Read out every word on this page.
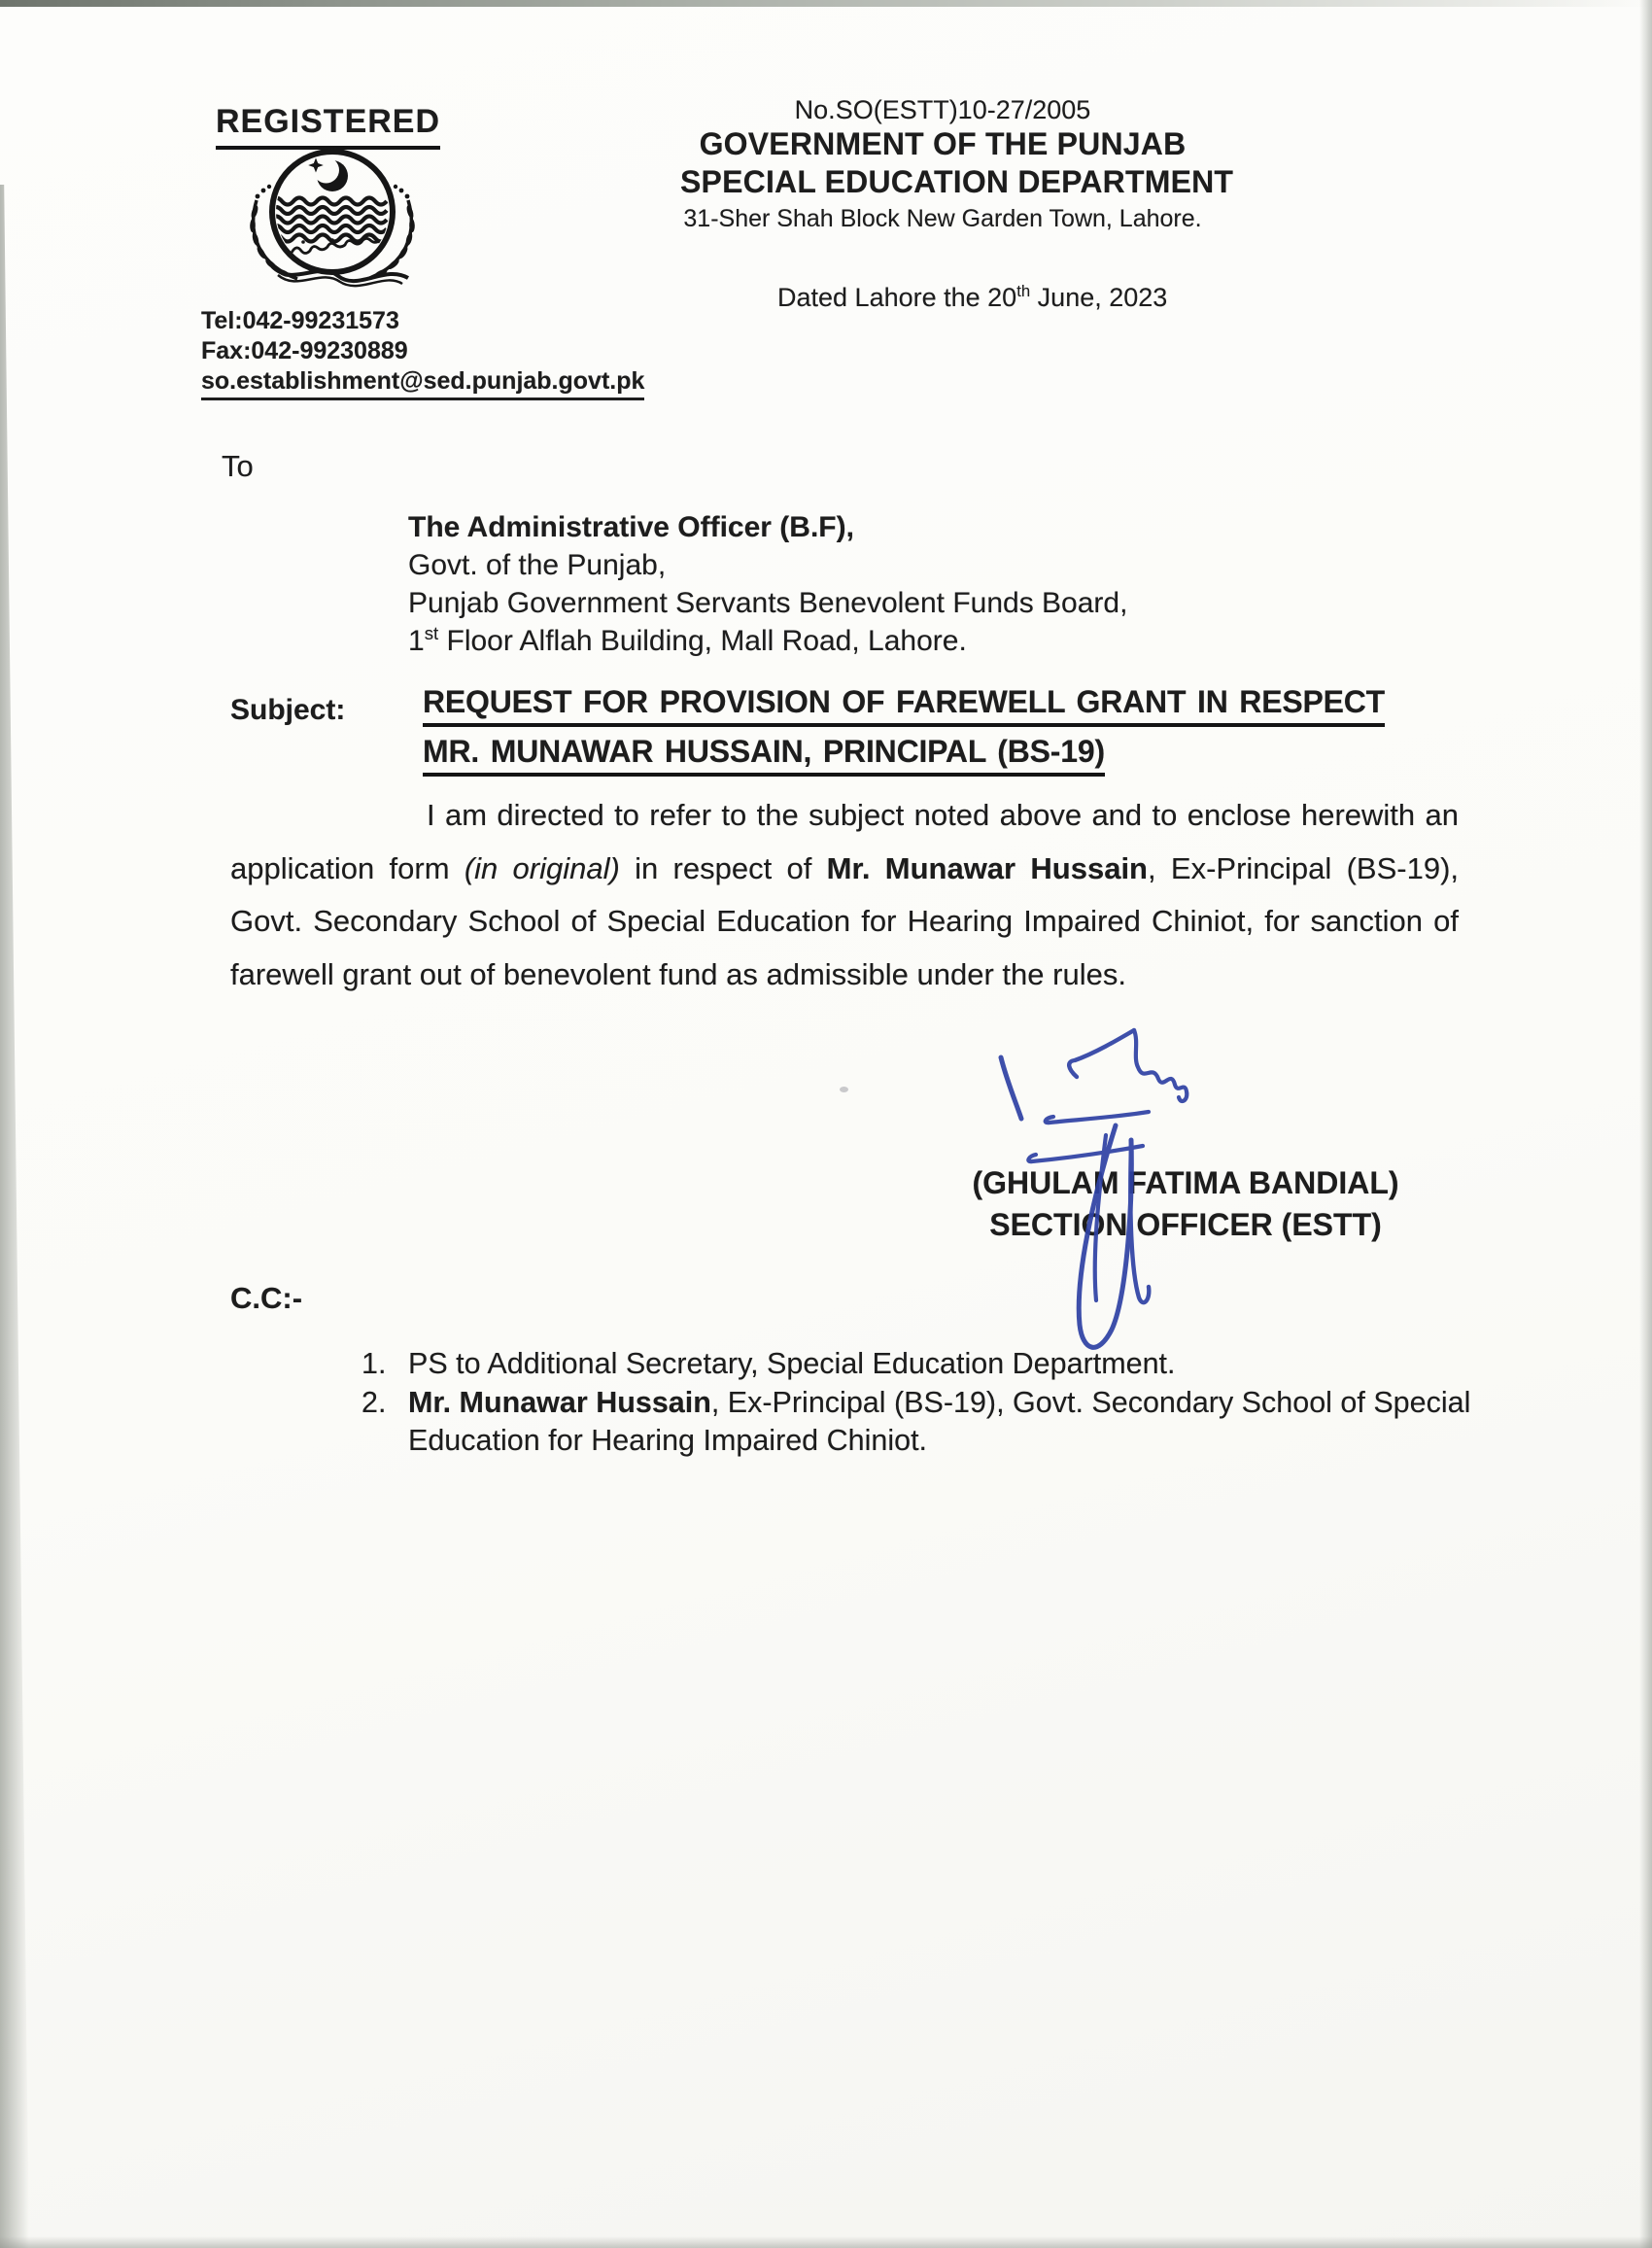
REGISTERED
Tel:042-99231573
Fax:042-99230889
so.establishment@sed.punjab.govt.pk
No.SO(ESTT)10-27/2005
GOVERNMENT OF THE PUNJAB
SPECIAL EDUCATION DEPARTMENT
31-Sher Shah Block New Garden Town, Lahore.
Dated Lahore the 20th June, 2023
To
The Administrative Officer (B.F),
Govt. of the Punjab,
Punjab Government Servants Benevolent Funds Board,
1st Floor Alflah Building, Mall Road, Lahore.
Subject: REQUEST FOR PROVISION OF FAREWELL GRANT IN RESPECT
MR. MUNAWAR HUSSAIN, PRINCIPAL (BS-19)
I am directed to refer to the subject noted above and to enclose herewith an application form (in original) in respect of Mr. Munawar Hussain, Ex-Principal (BS-19), Govt. Secondary School of Special Education for Hearing Impaired Chiniot, for sanction of farewell grant out of benevolent fund as admissible under the rules.
(GHULAM FATIMA BANDIAL)
SECTION OFFICER (ESTT)
C.C:-
1. PS to Additional Secretary, Special Education Department.
2. Mr. Munawar Hussain, Ex-Principal (BS-19), Govt. Secondary School of Special Education for Hearing Impaired Chiniot.
